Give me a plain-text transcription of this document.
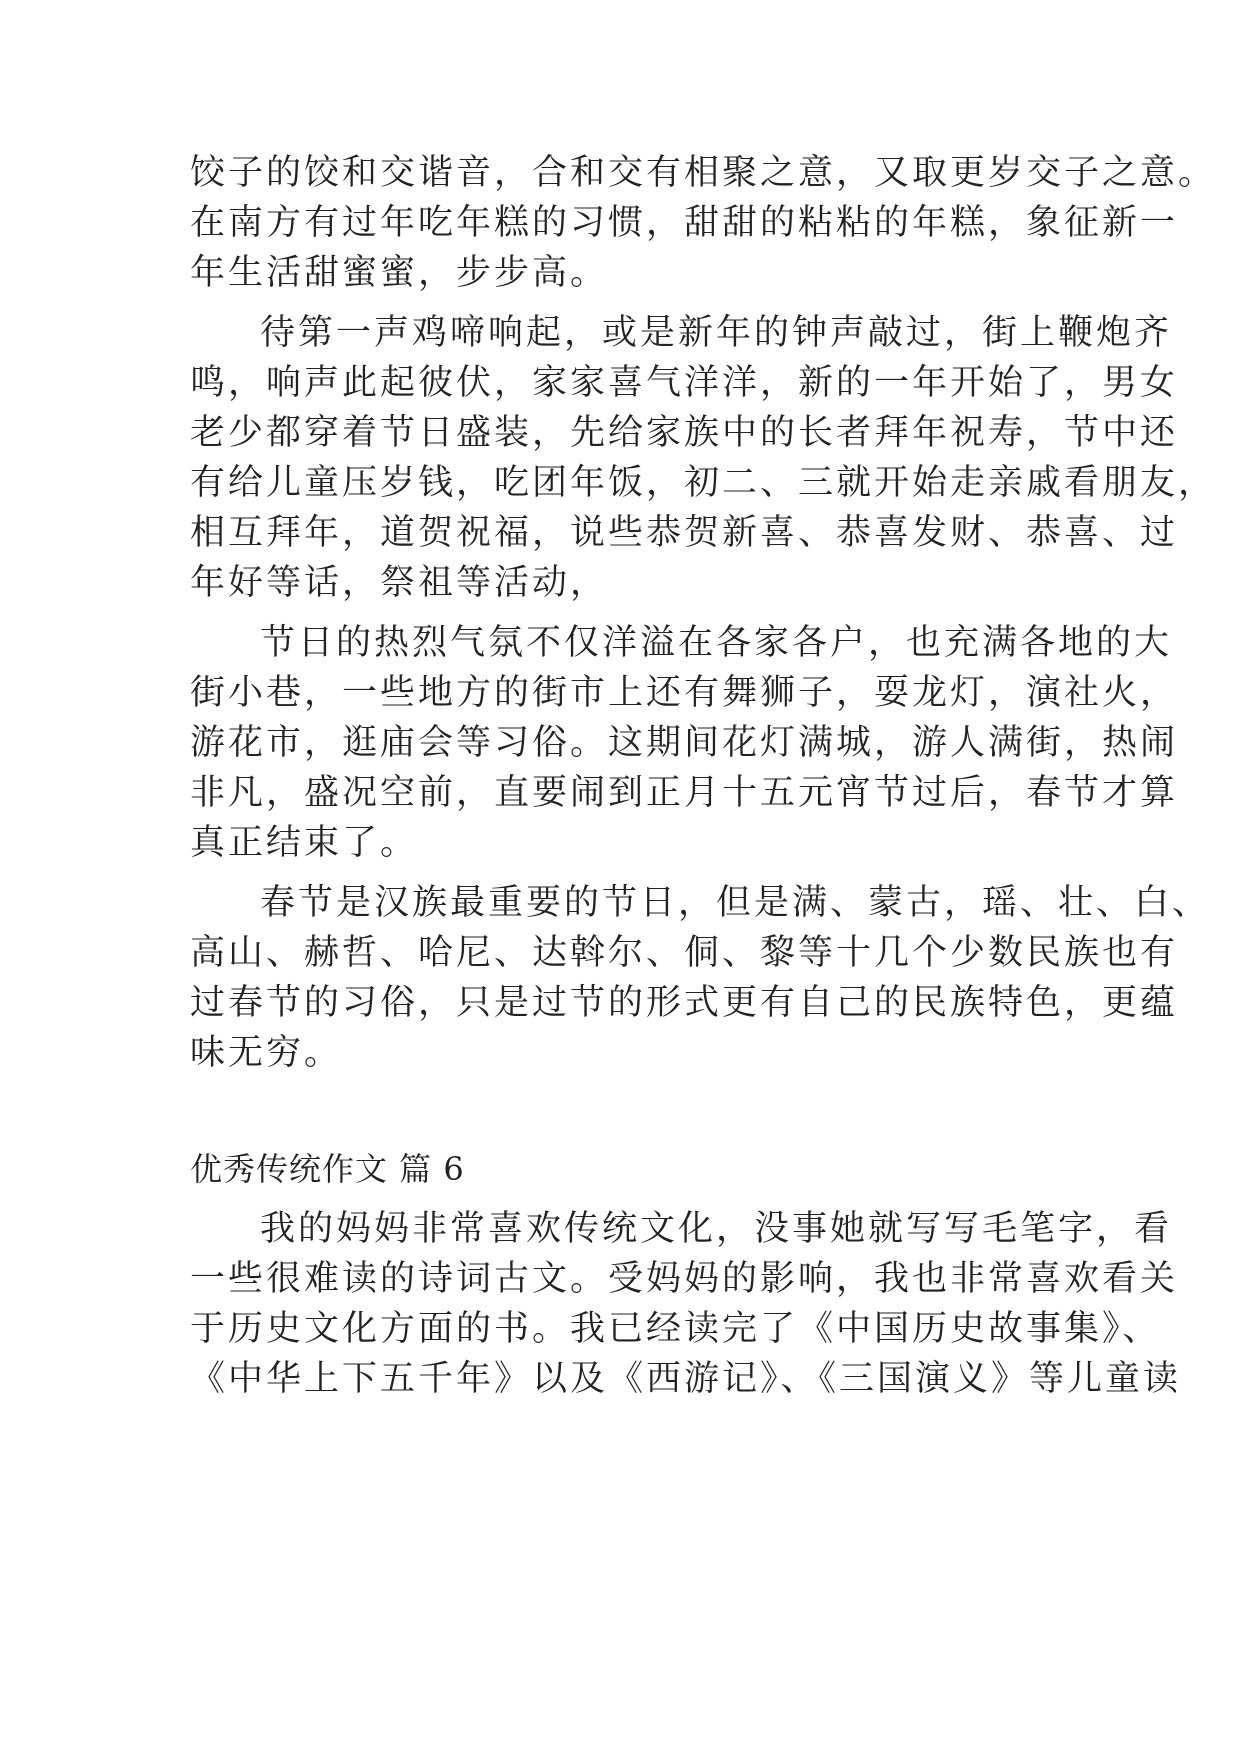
饺子的饺和交谐音，合和交有相聚之意，又取更岁交子之意。
在南方有过年吃年糕的习惯，甜甜的粘粘的年糕，象征新一
年生活甜蜜蜜，步步高。
待第一声鸡啼响起，或是新年的钟声敲过，街上鞭炮齐
鸣，响声此起彼伏，家家喜气洋洋，新的一年开始了，男女
老少都穿着节日盛装，先给家族中的长者拜年祝寿，节中还
有给儿童压岁钱，吃团年饭，初二、三就开始走亲戚看朋友，
相互拜年，道贺祝福，说些恭贺新喜、恭喜发财、恭喜、过
年好等话，祭祖等活动，
节日的热烈气氛不仅洋溢在各家各户，也充满各地的大
街小巷，一些地方的街市上还有舞狮子，耍龙灯，演社火，
游花市，逛庙会等习俗。这期间花灯满城，游人满街，热闹
非凡，盛况空前，直要闹到正月十五元宵节过后，春节才算
真正结束了。
春节是汉族最重要的节日，但是满、蒙古，瑶、壮、白、
高山、赫哲、哈尼、达斡尔、侗、黎等十几个少数民族也有
过春节的习俗，只是过节的形式更有自己的民族特色，更蕴
味无穷。
优秀传统作文 篇 6
我的妈妈非常喜欢传统文化，没事她就写写毛笔字，看
一些很难读的诗词古文。受妈妈的影响，我也非常喜欢看关
于历史文化方面的书。我已经读完了《中国历史故事集》、
《中华上下五千年》以及《西游记》、《三国演义》等儿童读
